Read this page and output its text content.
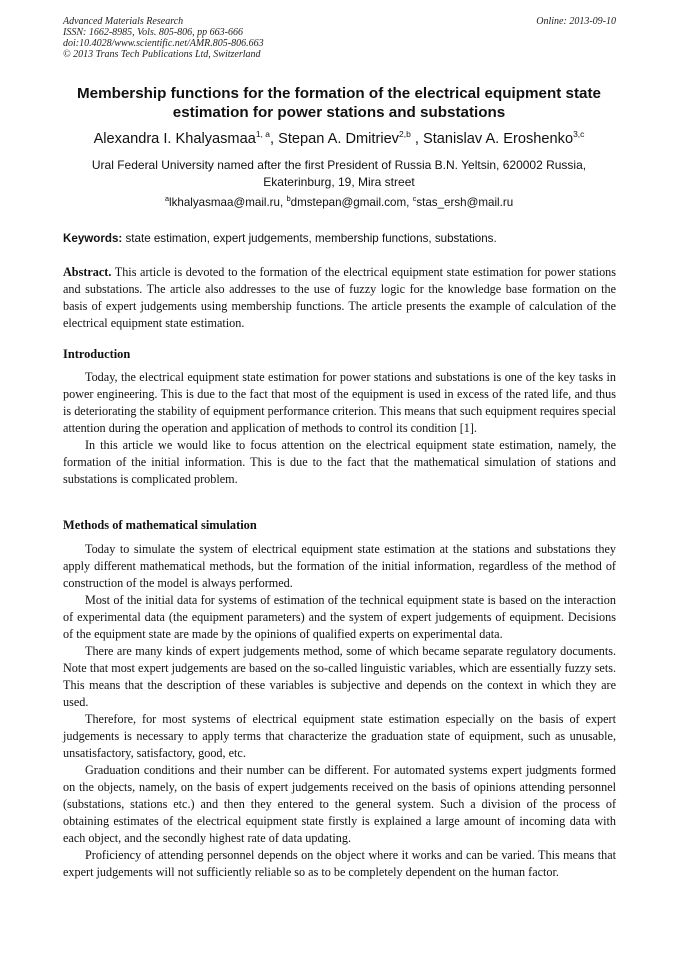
Advanced Materials Research
ISSN: 1662-8985, Vols. 805-806, pp 663-666
doi:10.4028/www.scientific.net/AMR.805-806.663
© 2013 Trans Tech Publications Ltd, Switzerland
Online: 2013-09-10
Membership functions for the formation of the electrical equipment state estimation for power stations and substations
Alexandra I. Khalyasmaa$^{1, a}$, Stepan A. Dmitriev$^{2,b}$ , Stanislav A. Eroshenko$^{3,c}$
Ural Federal University named after the first President of Russia B.N. Yeltsin, 620002 Russia, Ekaterinburg, 19, Mira street
$^a$lkhalyasmaa@mail.ru, $^b$dmstepan@gmail.com, $^c$stas_ersh@mail.ru
Keywords: state estimation, expert judgements, membership functions, substations.

Abstract. This article is devoted to the formation of the electrical equipment state estimation for power stations and substations. The article also addresses to the use of fuzzy logic for the knowledge base formation on the basis of expert judgements using membership functions. The article presents the example of calculation of the electrical equipment state estimation.

Introduction

Today, the electrical equipment state estimation for power stations and substations is one of the key tasks in power engineering. This is due to the fact that most of the equipment is used in excess of the rated life, and thus is deteriorating the stability of equipment performance criterion. This means that such equipment requires special attention during the operation and application of methods to control its condition [1].

In this article we would like to focus attention on the electrical equipment state estimation, namely, the formation of the initial information. This is due to the fact that the mathematical simulation of stations and substations is complicated problem.

Methods of mathematical simulation

Today to simulate the system of electrical equipment state estimation at the stations and substations they apply different mathematical methods, but the formation of the initial information, regardless of the method of construction of the model is always performed.

Most of the initial data for systems of estimation of the technical equipment state is based on the interaction of experimental data (the equipment parameters) and the system of expert judgements of equipment. Decisions of the equipment state are made by the opinions of qualified experts on experimental data.

There are many kinds of expert judgements method, some of which became separate regulatory documents. Note that most expert judgements are based on the so-called linguistic variables, which are essentially fuzzy sets. This means that the description of these variables is subjective and depends on the context in which they are used.

Therefore, for most systems of electrical equipment state estimation especially on the basis of expert judgements is necessary to apply terms that characterize the graduation state of equipment, such as unusable, unsatisfactory, satisfactory, good, etc.

Graduation conditions and their number can be different. For automated systems expert judgments formed on the objects, namely, on the basis of expert judgements received on the basis of opinions attending personnel (substations, stations etc.) and then they entered to the general system. Such a division of the process of obtaining estimates of the electrical equipment state firstly is explained a large amount of incoming data with each object, and the secondly highest rate of data updating.

Proficiency of attending personnel depends on the object where it works and can be varied. This means that expert judgements will not sufficiently reliable so as to be completely dependent on the human factor.
